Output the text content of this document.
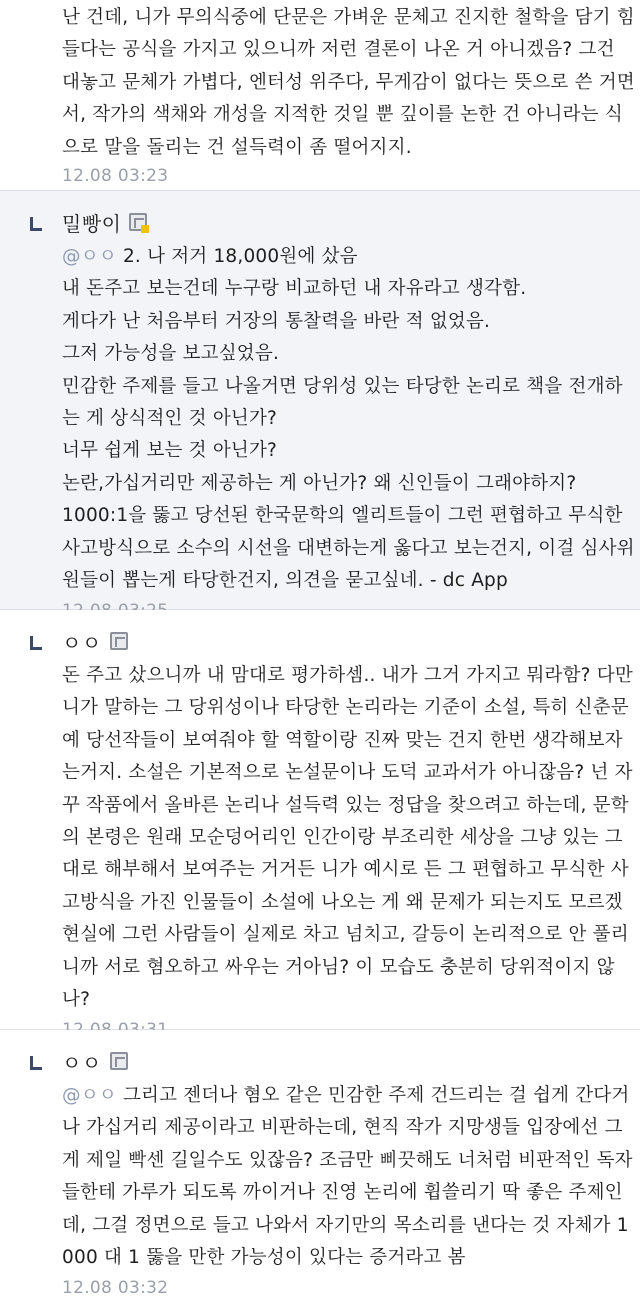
난 건데, 니가 무의식중에 단문은 가벼운 문체고 진지한 철학을 담기 힘

들다는 공식을 가지고 있으니까 저런 결론이 나온 거 아니겠음? 그건

대놓고 문체가 가볍다, 엔터성 위주다, 무게감이 없다는 뜻으로 쓴 거면

서, 작가의 색채와 개성을 지적한 것일 뿐 깊이를 논한 건 아니라는 식

으로 말을 돌리는 건 설득력이 좀 떨어지지.

12.08 03:23
밀빵이

@ㅇㅇ 2. 나 저거 18,000원에 샀음

내 돈주고 보는건데 누구랑 비교하던 내 자유라고 생각함.

게다가 난 처음부터 거장의 통찰력을 바란 적 없었음.

그저 가능성을 보고싶었음.

민감한 주제를 들고 나올거면 당위성 있는 타당한 논리로 책을 전개하

는 게 상식적인 것 아닌가?

너무 쉽게 보는 것 아닌가?

논란,가십거리만 제공하는 게 아닌가? 왜 신인들이 그래야하지?

1000:1을 뚫고 당선된 한국문학의 엘리트들이 그런 편협하고 무식한

사고방식으로 소수의 시선을 대변하는게 옳다고 보는건지, 이걸 심사위

원들이 뽑는게 타당한건지, 의견을 묻고싶네. - dc App

ㅇㅇ

돈 주고 샀으니까 내 맘대로 평가하셈.. 내가 그거 가지고 뭐라함? 다만

니가 말하는 그 당위성이나 타당한 논리라는 기준이 소설, 특히 신춘문

예 당선작들이 보여줘야 할 역할이랑 진짜 맞는 건지 한번 생각해보자

는거지. 소설은 기본적으로 논설문이나 도덕 교과서가 아니잖음? 넌 자

꾸 작품에서 올바른 논리나 설득력 있는 정답을 찾으려고 하는데, 문학

의 본령은 원래 모순덩어리인 인간이랑 부조리한 세상을 그냥 있는 그

대로 해부해서 보여주는 거거든 니가 예시로 든 그 편협하고 무식한 사

고방식을 가진 인물들이 소설에 나오는 게 왜 문제가 되는지도 모르겠

현실에 그런 사람들이 실제로 차고 넘치고, 갈등이 논리적으로 안 풀리

니까 서로 혐오하고 싸우는 거아님? 이 모습도 충분히 당위적이지 않

나?

ㅇㅇ

@ㅇㅇ 그리고 젠더나 혐오 같은 민감한 주제 건드리는 걸 쉽게 간다거

나 가십거리 제공이라고 비판하는데, 현직 작가 지망생들 입장에선 그

게 제일 빡센 길일수도 있잖음? 조금만 삐끗해도 너처럼 비판적인 독자

들한테 가루가 되도록 까이거나 진영 논리에 휩쓸리기 딱 좋은 주제인

데, 그걸 정면으로 들고 나와서 자기만의 목소리를 낸다는 것 자체가 1

000 대 1 뚫을 만한 가능성이 있다는 증거라고 봄

12.08 03:32
